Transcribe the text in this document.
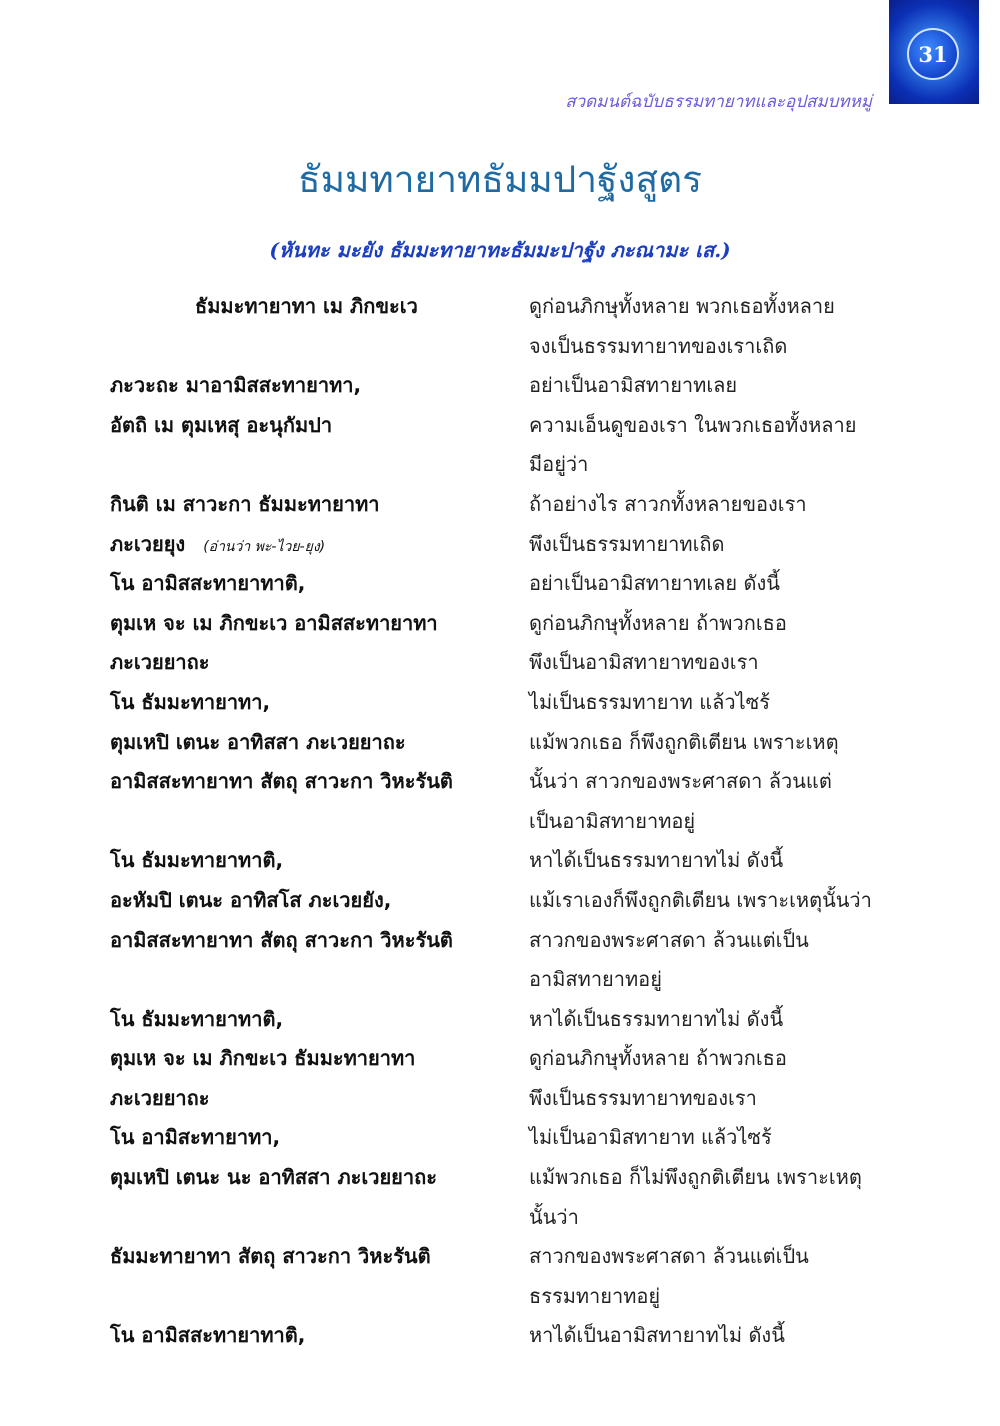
31
สวดมนต์ฉบับธรรมทายาทและอุปสมบทหมู่
ธัมมทายาทธัมมปาฐังสูตร
(หันทะ มะยัง ธัมมะทายาทะธัมมะปาฐัง ภะณามะ เส.)
ธัมมะทายาทา เม ภิกขะเว	ดูก่อนภิกษุทั้งหลาย พวกเธอทั้งหลาย
จงเป็นธรรมทายาทของเราเถิด
ภะวะถะ มาอามิสสะทายาทา,	อย่าเป็นอามิสทายาทเลย
อัตถิ เม ตุมเหสุ อะนุกัมปา	ความเอ็นดูของเรา ในพวกเธอทั้งหลาย
มีอยู่ว่า
กินติ เม สาวะกา ธัมมะทายาทา	ถ้าอย่างไร สาวกทั้งหลายของเรา
ภะเวยยุง (อ่านว่า พะ-ไวย-ยุง)	พึงเป็นธรรมทายาทเถิด
โน อามิสสะทายาทาติ,	อย่าเป็นอามิสทายาทเลย ดังนี้
ตุมเห จะ เม ภิกขะเว อามิสสะทายาทา	ดูก่อนภิกษุทั้งหลาย ถ้าพวกเธอ
ภะเวยยาถะ	พึงเป็นอามิสทายาทของเรา
โน ธัมมะทายาทา,	ไม่เป็นธรรมทายาท แล้วไซร้
ตุมเหปิ เตนะ อาทิสสา ภะเวยยาถะ	แม้พวกเธอ ก็พึงถูกติเตียน เพราะเหตุ
อามิสสะทายาทา สัตถุ สาวะกา วิหะรันติ	นั้นว่า สาวกของพระศาสดา ล้วนแต่
เป็นอามิสทายาทอยู่
โน ธัมมะทายาทาติ,	หาได้เป็นธรรมทายาทไม่ ดังนี้
อะหัมปิ เตนะ อาทิสโส ภะเวยยัง,	แม้เราเองก็พึงถูกติเตียน เพราะเหตุนั้นว่า
อามิสสะทายาทา สัตถุ สาวะกา วิหะรันติ	สาวกของพระศาสดา ล้วนแต่เป็น
อามิสทายาทอยู่
โน ธัมมะทายาทาติ,	หาได้เป็นธรรมทายาทไม่ ดังนี้
ตุมเห จะ เม ภิกขะเว ธัมมะทายาทา	ดูก่อนภิกษุทั้งหลาย ถ้าพวกเธอ
ภะเวยยาถะ	พึงเป็นธรรมทายาทของเรา
โน อามิสะทายาทา,	ไม่เป็นอามิสทายาท แล้วไซร้
ตุมเหปิ เตนะ นะ อาทิสสา ภะเวยยาถะ	แม้พวกเธอ ก็ไม่พึงถูกติเตียน เพราะเหตุ
นั้นว่า
ธัมมะทายาทา สัตถุ สาวะกา วิหะรันติ	สาวกของพระศาสดา ล้วนแต่เป็น
ธรรมทายาทอยู่
โน อามิสสะทายาทาติ,	หาได้เป็นอามิสทายาทไม่ ดังนี้
